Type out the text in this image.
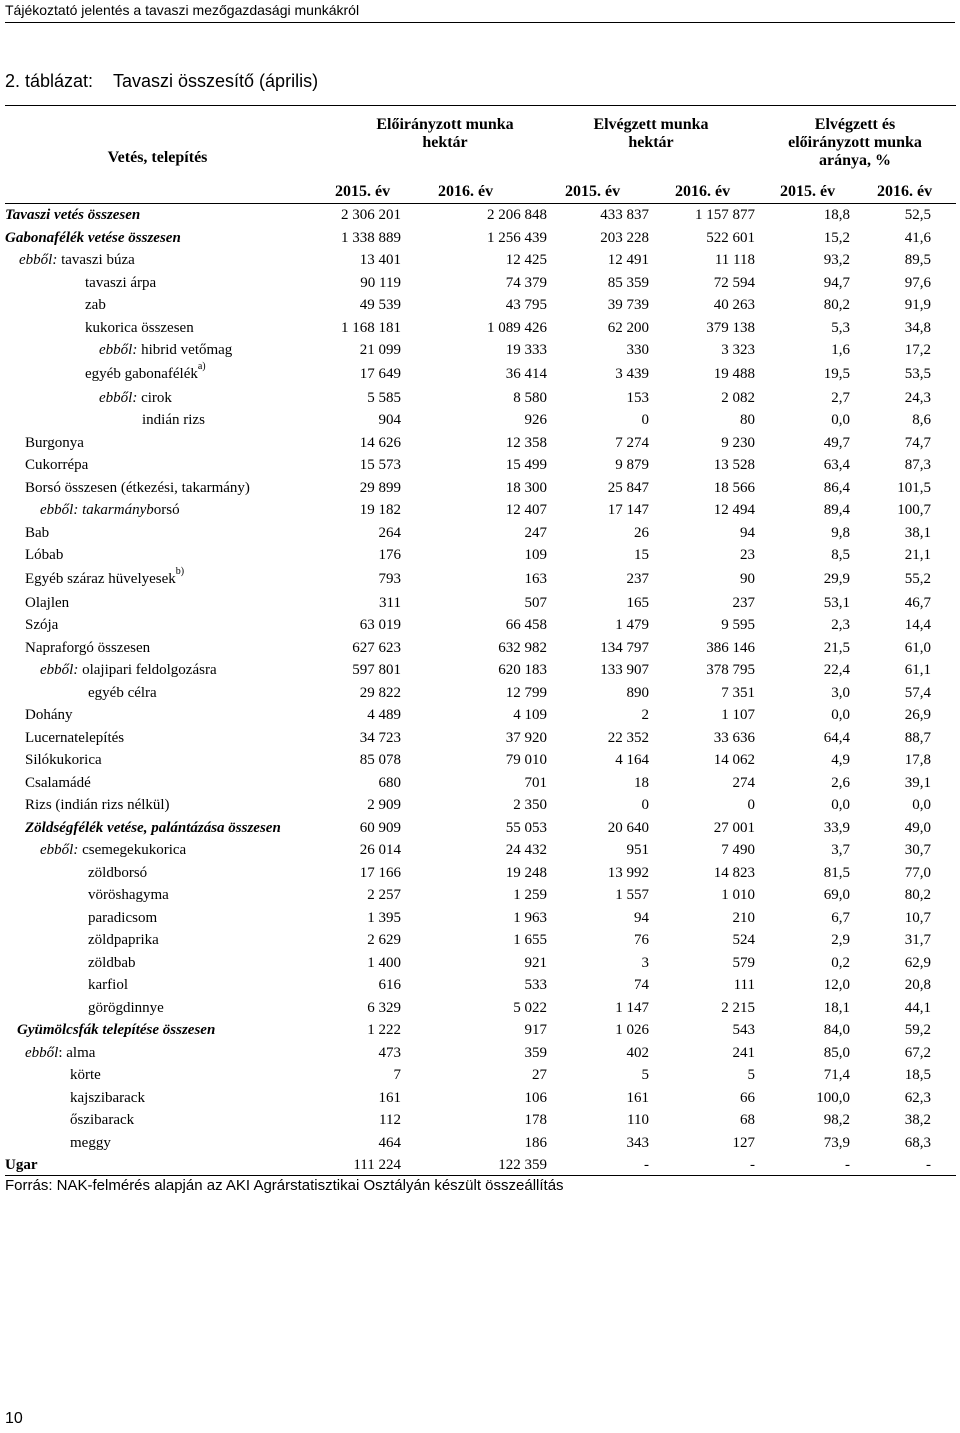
Tájékoztató jelentés a tavaszi mezőgazdasági munkákról
2. táblázat: Tavaszi összesítő (április)
Vetés, telepítés
Előirányzott munka
hektár
Elvégzett munka
hektár
Elvégzett és
előirányzott munka
aránya, %
2015. év	2016. év	2015. év	2016. év	2015. év	2016. év
Tavaszi vetés összesen	2 306 201	2 206 848	433 837	1 157 877	18,8	52,5
Gabonafélék vetése összesen	1 338 889	1 256 439	203 228	522 601	15,2	41,6
ebből: tavaszi búza	13 401	12 425	12 491	11 118	93,2	89,5
tavaszi árpa	90 119	74 379	85 359	72 594	94,7	97,6
zab	49 539	43 795	39 739	40 263	80,2	91,9
kukorica összesen	1 168 181	1 089 426	62 200	379 138	5,3	34,8
ebből: hibrid vetőmag	21 099	19 333	330	3 323	1,6	17,2
egyéb gabonafélék$^{a)}$	17 649	36 414	3 439	19 488	19,5	53,5
ebből: cirok	5 585	8 580	153	2 082	2,7	24,3
indián rizs	904	926	0	80	0,0	8,6
Burgonya	14 626	12 358	7 274	9 230	49,7	74,7
Cukorrépa	15 573	15 499	9 879	13 528	63,4	87,3
Borsó összesen (étkezési, takarmány)	29 899	18 300	25 847	18 566	86,4	101,5
ebből: takarmányborsó	19 182	12 407	17 147	12 494	89,4	100,7
Bab	264	247	26	94	9,8	38,1
Lóbab	176	109	15	23	8,5	21,1
Egyéb száraz hüvelyesek$^{b)}$	793	163	237	90	29,9	55,2
Olajlen	311	507	165	237	53,1	46,7
Szója	63 019	66 458	1 479	9 595	2,3	14,4
Napraforgó összesen	627 623	632 982	134 797	386 146	21,5	61,0
ebből: olajipari feldolgozásra	597 801	620 183	133 907	378 795	22,4	61,1
egyéb célra	29 822	12 799	890	7 351	3,0	57,4
Dohány	4 489	4 109	2	1 107	0,0	26,9
Lucernatelepítés	34 723	37 920	22 352	33 636	64,4	88,7
Silókukorica	85 078	79 010	4 164	14 062	4,9	17,8
Csalamádé	680	701	18	274	2,6	39,1
Rizs (indián rizs nélkül)	2 909	2 350	0	0	0,0	0,0
Zöldségfélék vetése, palántázása összesen	60 909	55 053	20 640	27 001	33,9	49,0
ebből: csemegekukorica	26 014	24 432	951	7 490	3,7	30,7
zöldborsó	17 166	19 248	13 992	14 823	81,5	77,0
vöröshagyma	2 257	1 259	1 557	1 010	69,0	80,2
paradicsom	1 395	1 963	94	210	6,7	10,7
zöldpaprika	2 629	1 655	76	524	2,9	31,7
zöldbab	1 400	921	3	579	0,2	62,9
karfiol	616	533	74	111	12,0	20,8
görögdinnye	6 329	5 022	1 147	2 215	18,1	44,1
Gyümölcsfák telepítése összesen	1 222	917	1 026	543	84,0	59,2
ebből: alma	473	359	402	241	85,0	67,2
körte	7	27	5	5	71,4	18,5
kajszibarack	161	106	161	66	100,0	62,3
őszibarack	112	178	110	68	98,2	38,2
meggy	464	186	343	127	73,9	68,3
Ugar	111 224	122 359	-	-	-	-
Forrás: NAK-felmérés alapján az AKI Agrárstatisztikai Osztályán készült összeállítás
10
